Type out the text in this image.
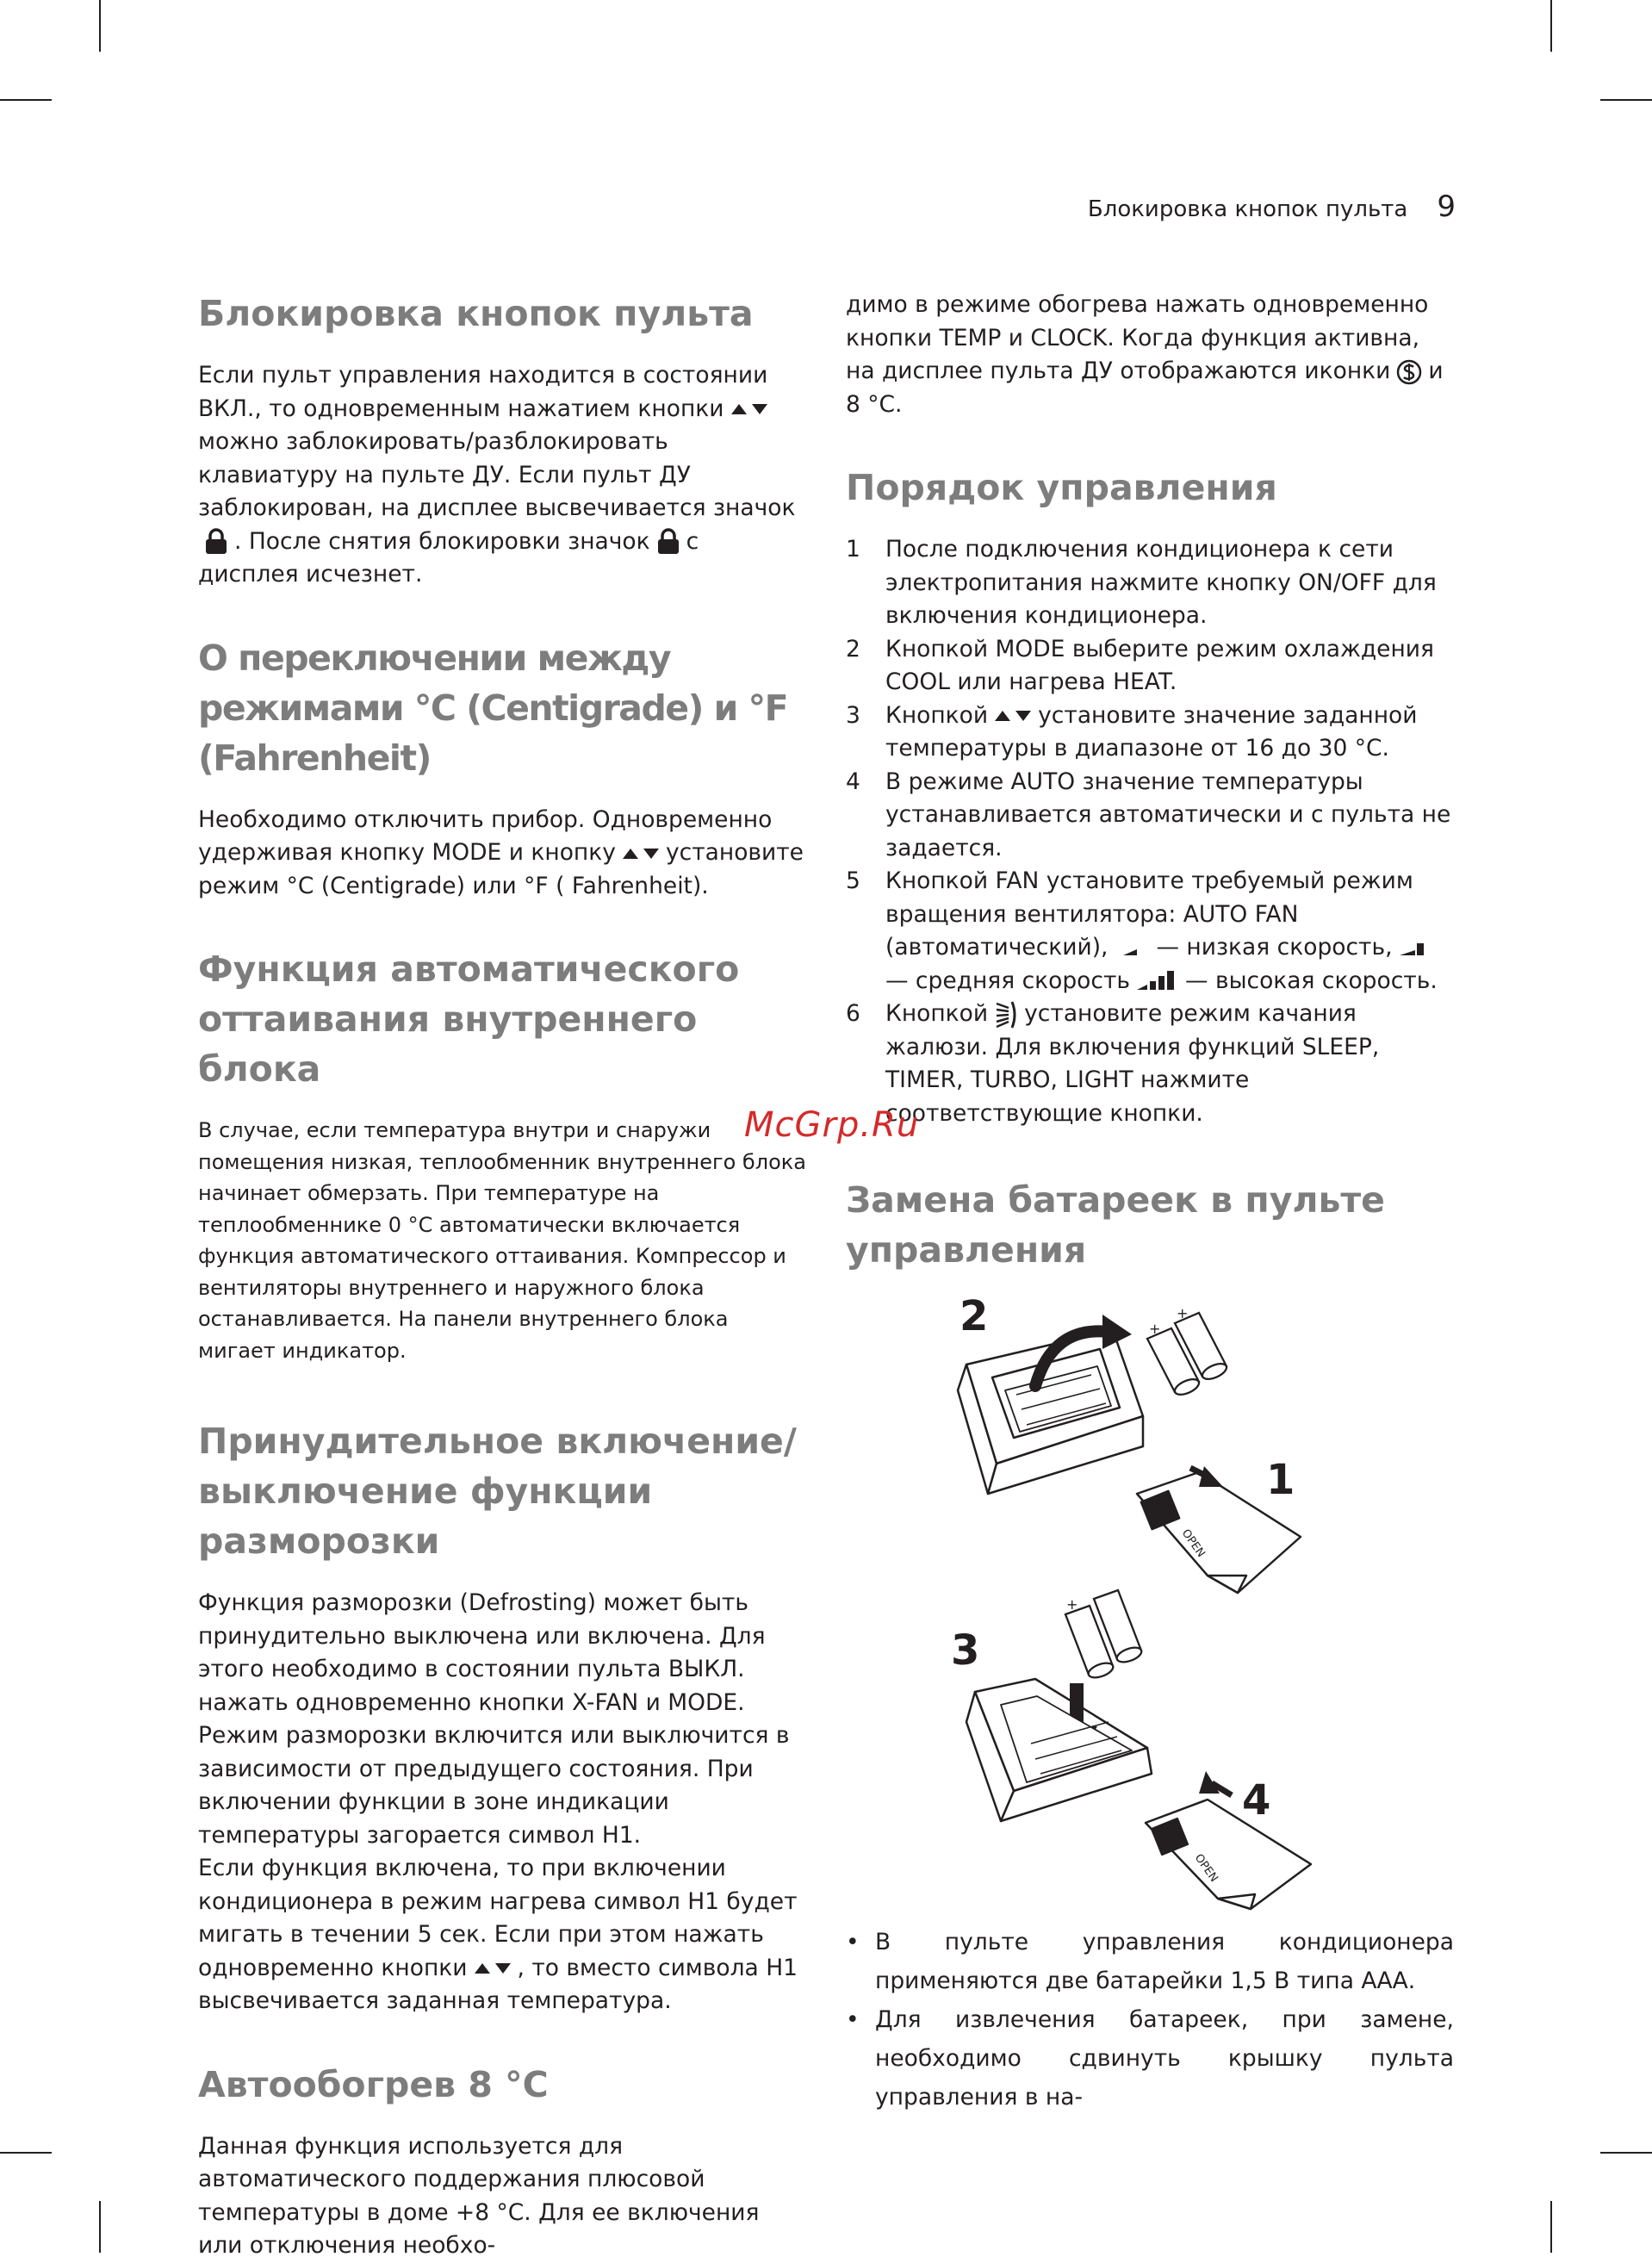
Блокировка кнопок пульта 9
Блокировка кнопок пульта

Если пульт управления находится в состоянии ВКЛ., то одновременным нажатием кнопкиможно заблокировать/разблокировать клавиатуру на пульте ДУ. Если пульт ДУ заблокирован, на дисплее высвечивается значок. После снятия блокировки значок с дисплея исчезнет.

О переключении между режимами °C (Centigrade) и °F (Fahrenheit)

Необходимо отключить прибор. Одновременно удерживая кнопку MODE и кнопку установите режим °C (Centigrade) или °F ( Fahrenheit).

Функция автоматического оттаивания внутреннего блока

В случае, если температура внутри и снаружи помещения низкая, теплообменник внутреннего блока начинает обмерзать. При температуре на теплообменнике 0 °C автоматически включается функция автоматического оттаивания. Компрессор и вентиляторы внутреннего и наружного блока останавливается. На панели внутреннего блока мигает индикатор.

Принудительное включение/выключение функции разморозки

Функция разморозки (Defrosting) может быть принудительно выключена или включена. Для этого необходимо в состоянии пульта ВЫКЛ. нажать одновременно кнопки X-FAN и MODE. Режим разморозки включится или выключится в зависимости от предыдущего состояния. При включении функции в зоне индикации температуры загорается символ H1.

Если функция включена, то при включении кондиционера в режим нагрева символ H1 будет мигать в течении 5 сек. Если при этом нажать одновременно кнопки , то вместо символа H1 высвечивается заданная температура.

Автообогрев 8 °C

Данная функция используется для автоматического поддержания плюсовой температуры в доме +8 °C. Для ее включения или отключения необхо-

димо в режиме обогрева нажать одновременно кнопки TEMP и CLOCK. Когда функция активна, на дисплее пульта ДУ отображаются иконки и 8 °C.

Порядок управления
1 После подключения кондиционера к сети электропитания нажмите кнопку ON/OFF для включения кондиционера.
2 Кнопкой MODE выберите режим охлаждения COOL или нагрева HEAT.
3 Кнопкой установите значение заданной температуры в диапазоне от 16 до 30 °C.
4 В режиме AUTO значение температуры устанавливается автоматически и с пульта не задается.
5 Кнопкой FAN установите требуемый режим вращения вентилятора: AUTO FAN (автоматический), — низкая скорость,— средняя скорость — высокая скорость.
6 Кнопкой установите режим качания жалюзи. Для включения функций SLEEP, TIMER, TURBO, LIGHT нажмите соответствующие кнопки.
Замена батареек в пульте управления
+
+
OPEN
+
OPEN
2
1
3
4
• В пульте управления кондиционера применяются две батарейки 1,5 В типа ААА.
• Для извлечения батареек, при замене, необходимо сдвинуть крышку пульта управления в на-
McGrp.Ru
